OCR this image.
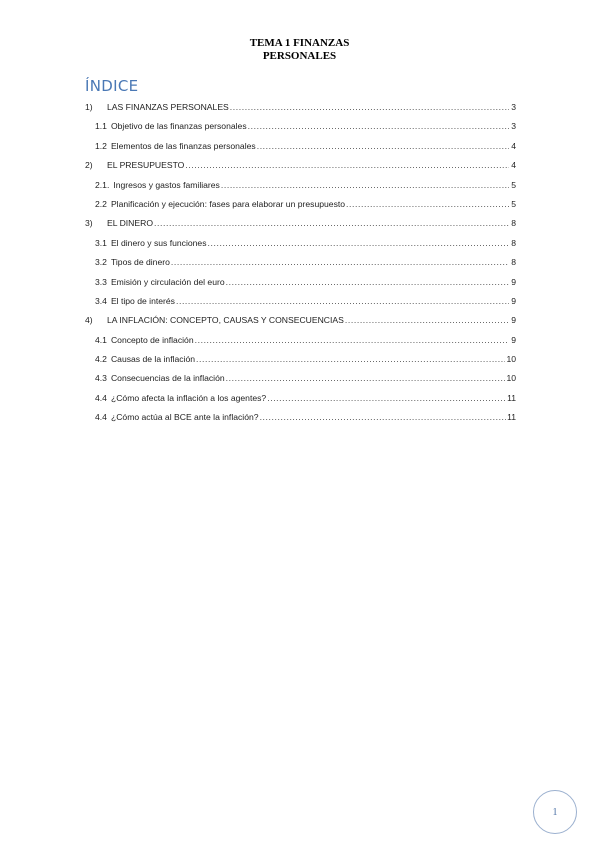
TEMA 1 FINANZAS
PERSONALES
ÍNDICE
1)	LAS FINANZAS PERSONALES .....	3
1.1 Objetivo de las finanzas personales .....	3
1.2 Elementos de las finanzas personales .....	4
2)	EL PRESUPUESTO .....	4
2.1. Ingresos y gastos familiares .....	5
2.2 Planificación y ejecución: fases para elaborar un presupuesto .....	5
3)	EL DINERO .....	8
3.1 El dinero y sus funciones .....	8
3.2 Tipos de dinero .....	8
3.3 Emisión y circulación del euro .....	9
3.4 El tipo de interés .....	9
4)	LA INFLACIÓN: CONCEPTO, CAUSAS Y CONSECUENCIAS .....	9
4.1 Concepto de inflación .....	9
4.2 Causas de la inflación .....	10
4.3 Consecuencias de la inflación .....	10
4.4 ¿Cómo afecta la inflación a los agentes? .....	11
4.4 ¿Cómo actúa al BCE ante la inflación? .....	11
1
